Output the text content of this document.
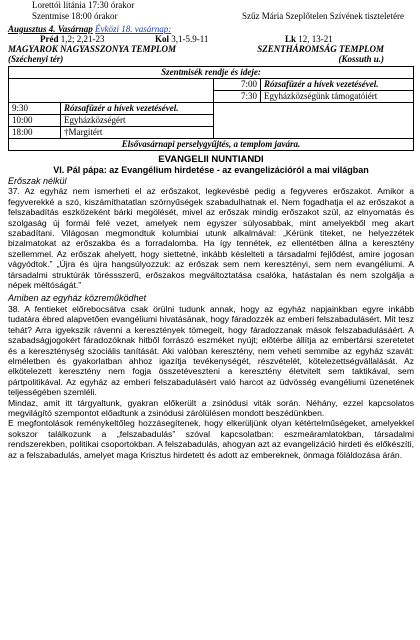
Lorettói litánia 17:30 órakor
Szentmise 18:00 órakor	Szűz Mária Szeplőtelen Szívének tiszteletére
Augusztus 4. Vasárnap Évközi 18. vasárnap:
Préd 1,2; 2,21-23	Kol 3,1-5.9-11	Lk 12, 13-21
MAGYAROK NAGYASSZONYA TEMPLOM
(Széchenyi tér)
SZENTHÁROMSÁG TEMPLOM
(Kossuth u.)
Szentmisék rendje és ideje:			
		7:00	Rózsafüzér a hívek vezetésével.
		7:30	Egyházközségünk támogatóiért
9:30	Rózsafüzér a hívek vezetésével.		
10:00	Egyházközségért		
18:00	†Margitért		
Elsővasárnapi perselygyűjtés, a templom javára.			
EVANGELII NUNTIANDI
VI. Pál pápa: az Evangélium hirdetése - az evangelizációról a mai világban
Erőszak nélkül

37. Az egyház nem ismerheti el az erőszakot, legkevésbé pedig a fegyveres erőszakot. Amikor a fegyverekké a szó, kiszámíthatatlan szörnyűségek szabadulhatnak el. Nem fogadhatja el az erőszakot a felszabadítás eszközeként bárki megölését, mivel az erőszak mindig erőszakot szül, az elnyomatás és szolgaság új formái felé vezet, amelyek nem egyszer súlyosabbak, mint amelyekből meg akart szabadítani. Világosan megmondtuk kolumbiai utunk alkalmával: „Kérünk titeket, ne helyezzétek bizalmatokat az erőszakba és a forradalomba. Ha így tennétek, ez ellentétben állna a keresztény szellemmel. Az erőszak ahelyett, hogy siettetné, inkább késlelteti a társadalmi fejlődést, amire jogosan vágyódtok.” „Újra és újra hangsúlyozzuk: az erőszak sem nem keresztényi, sem nem evangéliumi. A társadalmi struktúrák töréssszerű, erőszakos megváltoztatása csalóka, hatástalan és nem szolgálja a népek méltóságát.”

Amiben az egyház közreműködhet

38. A fentieket előrebocsátva csak örülni tudunk annak, hogy az egyház napjainkban egyre inkább tudatára ébred alapvetően evangéliumi hivatásának, hogy fáradozzék az emberi felszabadulásért. Mit tesz tehát? Arra igyekszik rávenni a keresztények tömegeit, hogy fáradozzanak mások felszabadulásáért. A szabadságjogokért fáradozóknak hitből forrászó eszméket nyújt; elõtérbe állítja az embertársi szeretetet és a kereszténység szociális tanítását. Aki valóban keresztény, nem veheti semmibe az egyház szavát: elméletben és gyakorlatban ahhoz igazítja tevékenységét, részvételét, kötelezettségvállalását. Az elkötelezett keresztény nem fogja összetéveszteni a keresztény életvitelt sem taktikával, sem pártpolitikával. Az egyház az emberi felszabadulásért való harcot az üdvösség evangéliumi üzenetének teljességében szemléli.

Mindaz, amit itt tárgyaltunk, gyakran előkerült a zsinódusi viták során. Néhány, ezzel kapcsolatos megvilágító szempontot előadtunk a zsinódusi zárólülésen mondott beszédünkben.

E megfontolások reménykeltőleg hozzásegítenek, hogy elkerüljünk olyan kétértelműségeket, amelyekkel sokszor találkozunk a „felszabadulás” szóval kapcsolatban: eszmeáramlatokban, társadalmi rendszerekben, politikai csoportokban. A felszabadulás, ahogyan azt az evangelizáció hirdeti és előkészíti, az a felszabadulás, amelyet maga Krisztus hirdetett és adott az embereknek, önmaga föláldozása árán.
